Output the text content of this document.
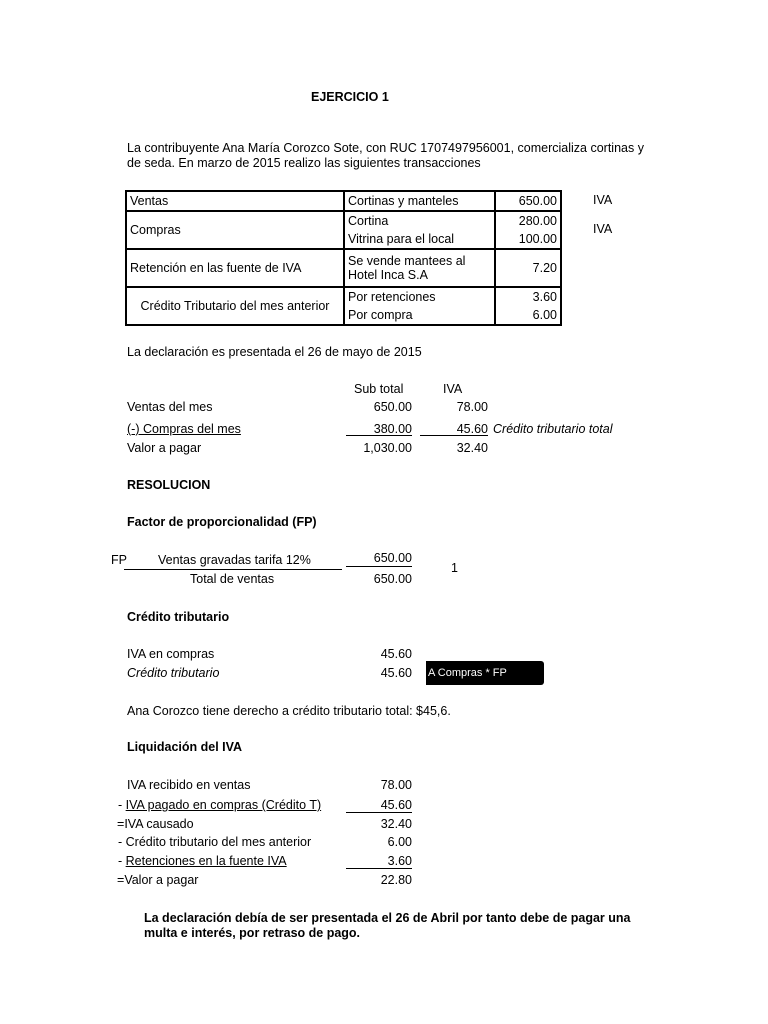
EJERCICIO 1
La contribuyente Ana María Corozco Sote, con RUC 1707497956001, comercializa cortinas y
de seda. En marzo de 2015 realizo las siguientes transacciones
Ventas	Cortinas y manteles	650.00
Compras	Cortina	280.00
	Vitrina para el local	100.00
Retención en las fuente de IVA	Se vende mantees al
Hotel Inca S.A	7.20
Crédito Tributario del mes anterior	Por retenciones	3.60
	Por compra	6.00
IVA
IVA
La declaración es presentada el 26 de mayo de 2015
Sub total	IVA
Ventas del mes	650.00	78.00
(-) Compras del mes	380.00	45.60 Crédito tributario total
Valor a pagar	1,030.00	32.40
RESOLUCION
Factor de proporcionalidad (FP)
FP Ventas gravadas tarifa 12%	650.00
Total de ventas	650.00
1
Crédito tributario
IVA en compras	45.60
Crédito tributario	45.60 A Compras * FP
Ana Corozco tiene derecho a crédito tributario total: $45,6.
Liquidación del IVA
IVA recibido en ventas	78.00
- IVA pagado en compras (Crédito T)	45.60
=IVA causado	32.40
- Crédito tributario del mes anterior	6.00
- Retenciones en la fuente IVA	3.60
=Valor a pagar	22.80
La declaración debía de ser presentada el 26 de Abril por tanto debe de pagar una
multa e interés, por retraso de pago.
